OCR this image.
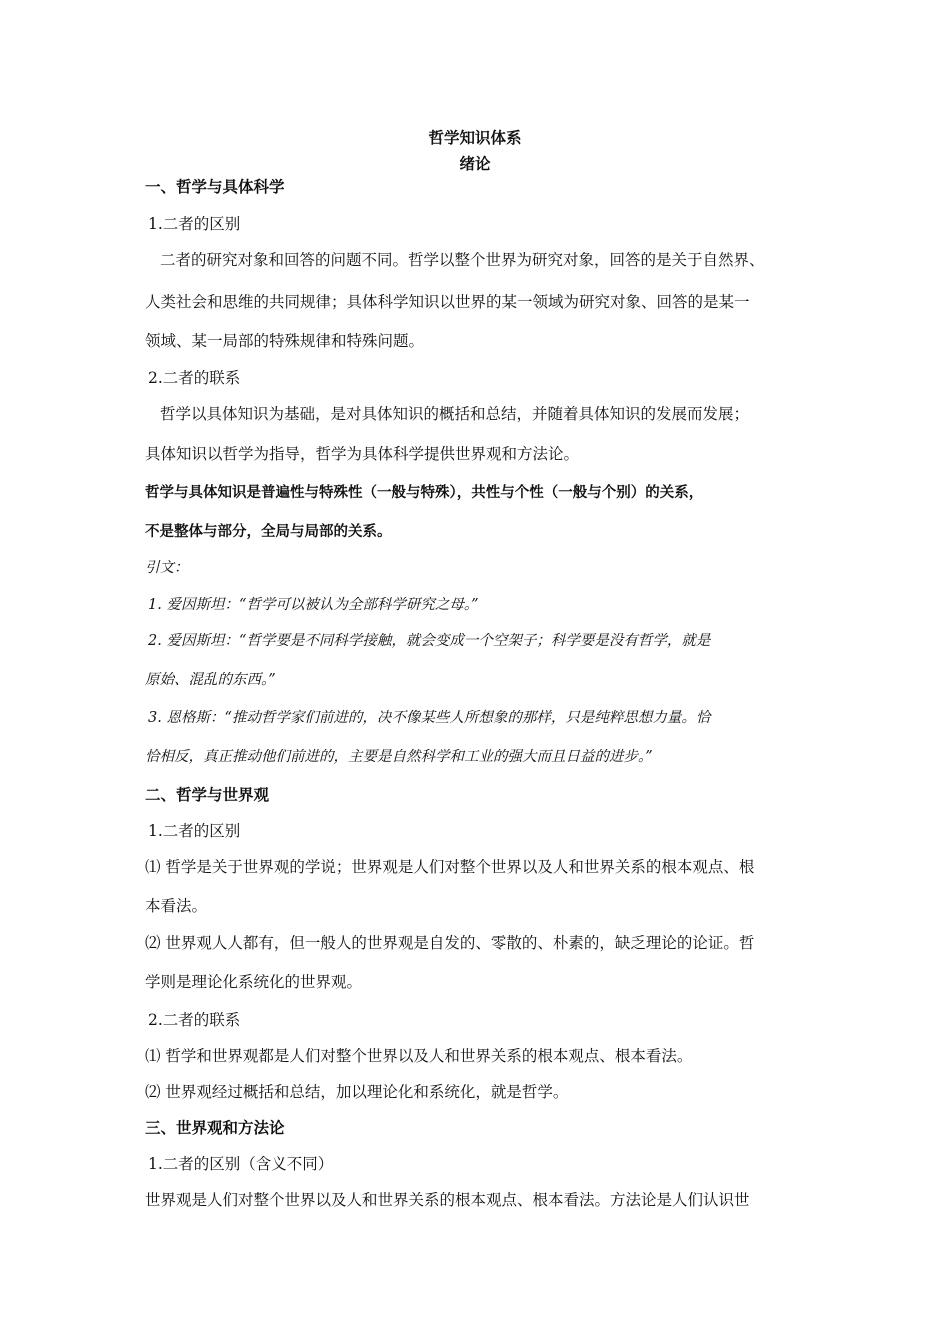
哲学知识体系
绪论
一、哲学与具体科学
1.二者的区别
二者的研究对象和回答的问题不同。哲学以整个世界为研究对象，回答的是关于自然界、
人类社会和思维的共同规律；具体科学知识以世界的某一领域为研究对象、回答的是某一
领域、某一局部的特殊规律和特殊问题。
2.二者的联系
哲学以具体知识为基础，是对具体知识的概括和总结，并随着具体知识的发展而发展；
具体知识以哲学为指导，哲学为具体科学提供世界观和方法论。
哲学与具体知识是普遍性与特殊性（一般与特殊），共性与个性（一般与个别）的关系，
不是整体与部分，全局与局部的关系。
引文：
1. 爱因斯坦：“哲学可以被认为全部科学研究之母。”
2. 爱因斯坦：“哲学要是不同科学接触，就会变成一个空架子；科学要是没有哲学，就是
原始、混乱的东西。”
3. 恩格斯：“推动哲学家们前进的，决不像某些人所想象的那样，只是纯粹思想力量。恰
恰相反，真正推动他们前进的，主要是自然科学和工业的强大而且日益的进步。”
二、哲学与世界观
1.二者的区别
⑴ 哲学是关于世界观的学说；世界观是人们对整个世界以及人和世界关系的根本观点、根
本看法。
⑵ 世界观人人都有，但一般人的世界观是自发的、零散的、朴素的，缺乏理论的论证。哲
学则是理论化系统化的世界观。
2.二者的联系
⑴ 哲学和世界观都是人们对整个世界以及人和世界关系的根本观点、根本看法。
⑵ 世界观经过概括和总结，加以理论化和系统化，就是哲学。
三、世界观和方法论
1.二者的区别（含义不同）
世界观是人们对整个世界以及人和世界关系的根本观点、根本看法。方法论是人们认识世
